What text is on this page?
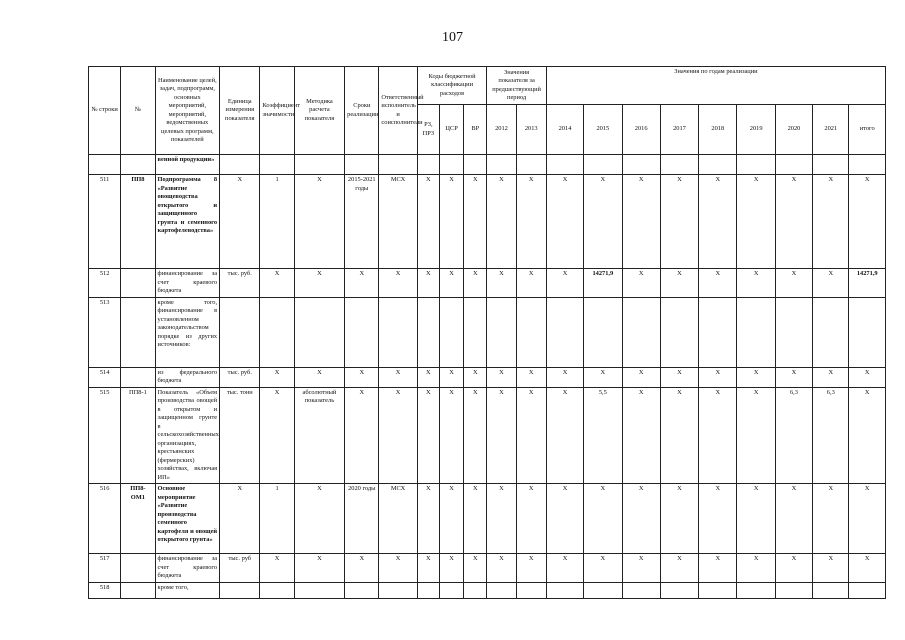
107
№ строки	№	Наименование целей, задач, подпрограмм, основных мероприятий, мероприятий, ведомственных целевых программ, показателей	Единица измерения показателя	Коэффициент значимости	Методика расчета показателя	Сроки реализации	Ответственный исполнитель и соисполнители	Коды бюджетной классификации расходов			Значения показателя за предшествующий период		Значения по годам реализации								
								РЗ, ПРЗ	ЦСР	ВР	2012	2013	2014	2015	2016	2017	2018	2019	2020	2021	итого
		венной продукции»																			
511	ПП8	Подпрограмма 8 «Развитие овощеводства открытого и защищенного грунта и семенного картофелеводства»	Х	1	Х	2015-2021 годы	МСХ	Х	Х	Х	Х	Х	Х	Х	Х	Х	Х	Х	Х	Х	Х
512		финансирование за счет краевого бюджета	тыс. руб.	Х	Х	Х	Х	Х	Х	Х	Х	Х	Х	14271,9	Х	Х	Х	Х	Х	Х	14271,9
513		кроме того, финансирование в установленном законодательством порядке из других источников:																			
514		из федерального бюджета	тыс. руб.	Х	Х	Х	Х	Х	Х	Х	Х	Х	Х	Х	Х	Х	Х	Х	Х	Х	Х
515	ПП8-1	Показатель «Объем производства овощей в открытом и защищенном грунте в сельскохозяйственных организациях, крестьянских (фермерских) хозяйствах, включая ИП»	тыс. тонн	Х	абсолютный показатель	Х	Х	Х	Х	Х	Х	Х	Х	5,5	Х	Х	Х	Х	6,3	6,3	Х
516	ПП8-ОМ1	Основное мероприятие «Развитие производства семенного картофеля и овощей открытого грунта»	Х	1	Х	2020 годы	МСХ	Х	Х	Х	Х	Х	Х	Х	Х	Х	Х	Х	Х	Х	Х
517		финансирование за счет краевого бюджета	тыс. руб	Х	Х	Х	Х	Х	Х	Х	Х	Х	Х	Х	Х	Х	Х	Х	Х	Х	Х
518		кроме того,																			
